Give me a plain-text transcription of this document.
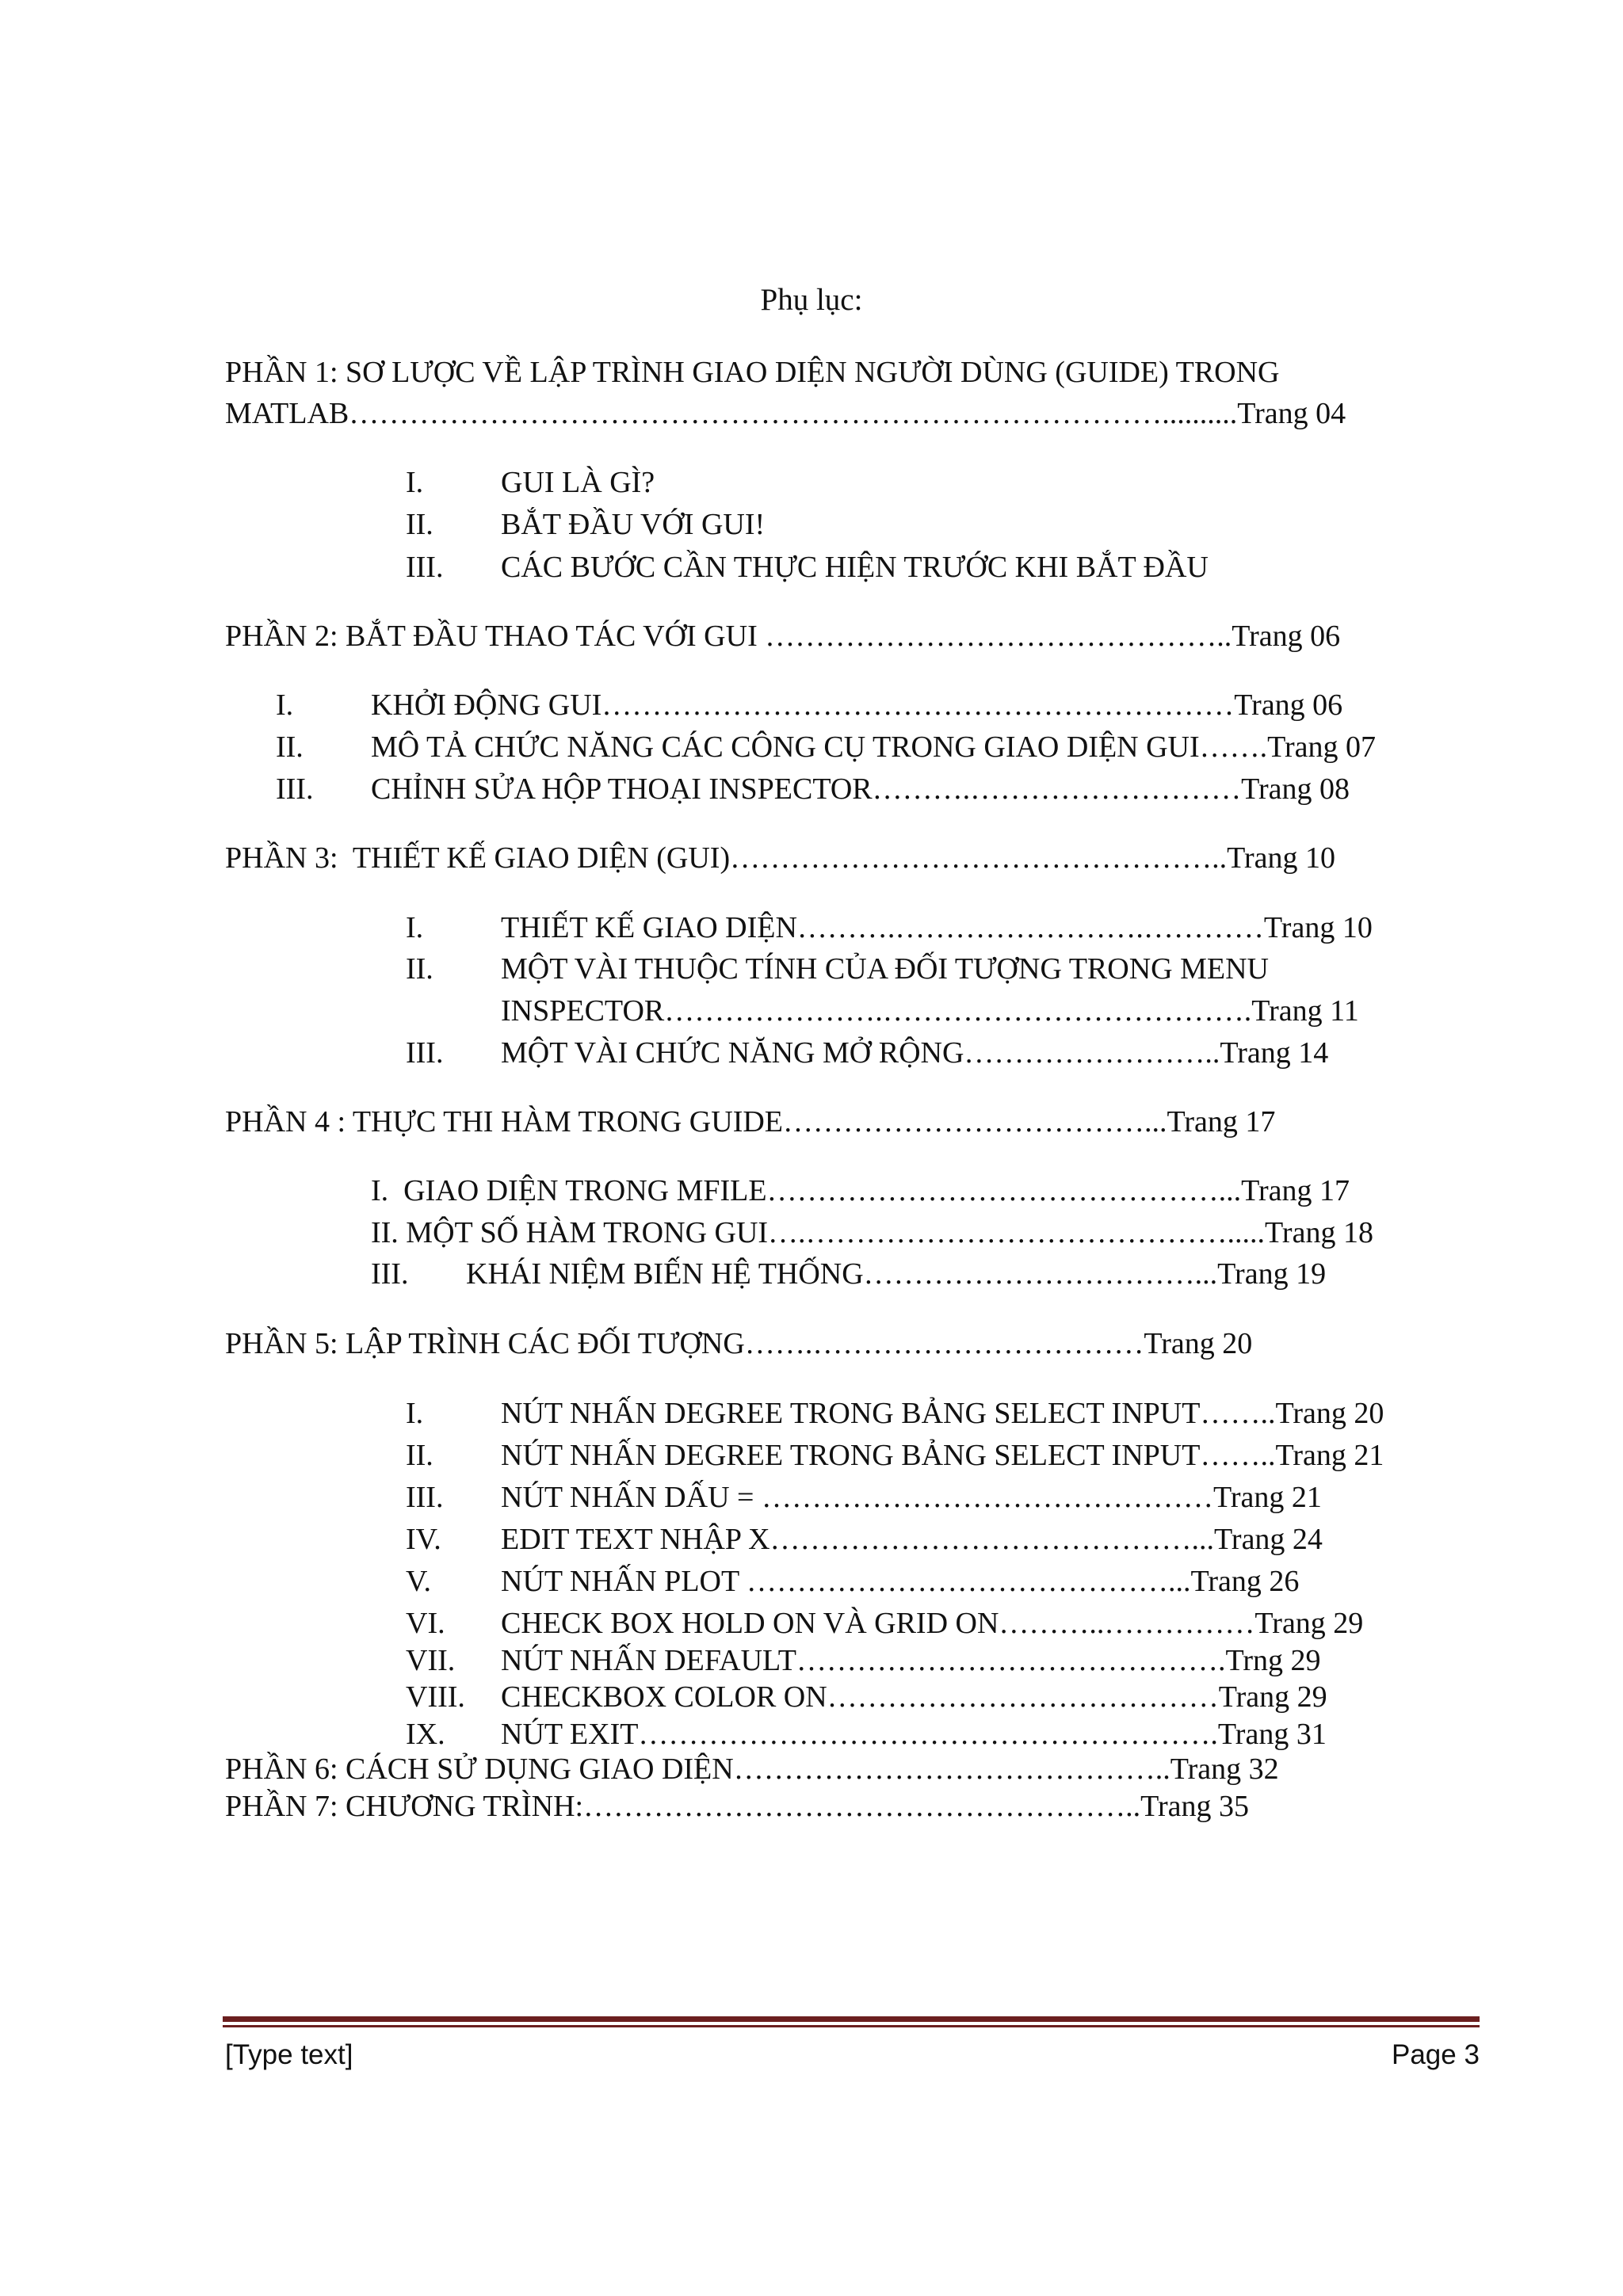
Phụ lục:
PHẦN 1: SƠ LƯỢC VỀ LẬP TRÌNH GIAO DIỆN NGƯỜI DÙNG (GUIDE) TRONG
MATLAB………………………………………………………………………..........Trang 04
I.	GUI LÀ GÌ?
II. BẮT ĐẦU VỚI GUI!
III. CÁC BƯỚC CẦN THỰC HIỆN TRƯỚC KHI BẮT ĐẦU
PHẦN 2: BẮT ĐẦU THAO TÁC VỚI GUI ………………………………………..Trang 06
I.	KHỞI ĐỘNG GUI………………………………………………………Trang 06
II. MÔ TẢ CHỨC NĂNG CÁC CÔNG CỤ TRONG GIAO DIỆN GUI…….Trang 07
III. CHỈNH SỬA HỘP THOẠI INSPECTOR……….………………………Trang 08
PHẦN 3:  THIẾT KẾ GIAO DIỆN (GUI)…………………………………………..Trang 10
I.	THIẾT KẾ GIAO DIỆN……….…………………….…………Trang 10
II. MỘT VÀI THUỘC TÍNH CỦA ĐỐI TƯỢNG TRONG MENU
INSPECTOR………………….……………………………….Trang 11
III. MỘT VÀI CHỨC NĂNG MỞ RỘNG……………………..Trang 14
PHẦN 4 : THỰC THI HÀM TRONG GUIDE………………………………...Trang 17
I.  GIAO DIỆN TRONG MFILE………………………………………...Trang 17
II. MỘT SỐ HÀM TRONG GUI….…………………………………….....Trang 18
III. KHÁI NIỆM BIẾN HỆ THỐNG……………………………...Trang 19
PHẦN 5: LẬP TRÌNH CÁC ĐỐI TƯỢNG…….……………………………Trang 20
I.	NÚT NHẤN DEGREE TRONG BẢNG SELECT INPUT……..Trang 20
II. NÚT NHẤN DEGREE TRONG BẢNG SELECT INPUT……..Trang 21
III. NÚT NHẤN DẤU = ………………………………………Trang 21
IV. EDIT TEXT NHẬP X……………………………………...Trang 24
V. NÚT NHẤN PLOT ……………………………………...Trang 26
VI. CHECK BOX HOLD ON VÀ GRID ON………..……………Trang 29
VII. NÚT NHẤN DEFAULT…………………………………….Trng 29
VIII. CHECKBOX COLOR ON…………………………………Trang 29
IX. NÚT EXIT………………………………………………….Trang 31
PHẦN 6: CÁCH SỬ DỤNG GIAO DIỆN……………………………………..Trang 32
PHẦN 7: CHƯƠNG TRÌNH:………………………………………………..Trang 35
[Type text]	Page 3
